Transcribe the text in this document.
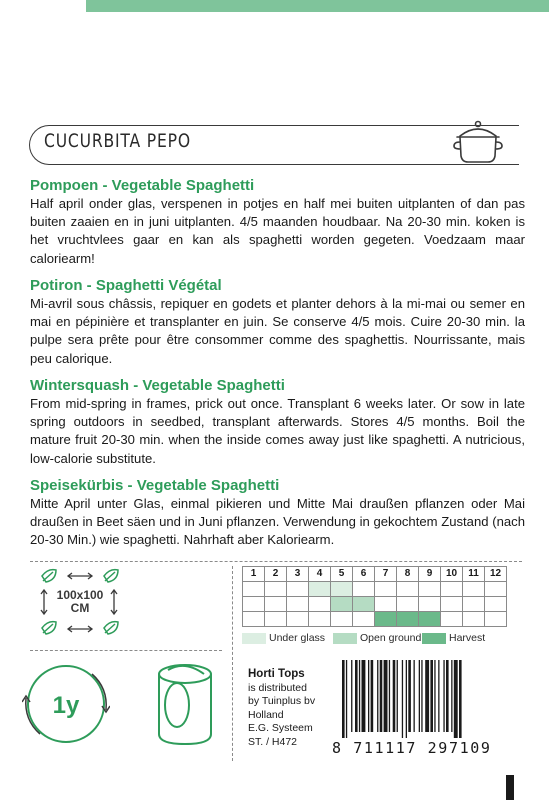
CUCURBITA PEPO
Pompoen - Vegetable Spaghetti

Half april onder glas, verspenen in potjes en half mei buiten uitplanten of dan pas buiten zaaien en in juni uitplanten. 4/5 maanden houdbaar. Na 20-30 min. koken is het vruchtvlees gaar en kan als spaghetti worden gegeten. Voedzaam maar caloriearm!

Potiron - Spaghetti Végétal

Mi-avril sous châssis, repiquer en godets et planter dehors à la mi-mai ou semer en mai en pépinière et transplanter en juin. Se conserve 4/5 mois. Cuire 20-30 min. la pulpe sera prête pour être consommer comme des spaghettis. Nourrissante, mais peu calorique.

Wintersquash - Vegetable Spaghetti

From mid-spring in frames, prick out once. Transplant 6 weeks later. Or sow in late spring outdoors in seedbed, transplant afterwards. Stores 4/5 months. Boil the mature fruit 20-30 min. when the inside comes away just like spaghetti. A nutricious, low-calorie substitute.

Speisekürbis - Vegetable Spaghetti

Mitte April unter Glas, einmal pikieren und Mitte Mai draußen pflanzen oder Mai draußen in Beet säen und in Juni pflanzen. Verwendung in gekochtem Zustand (nach 20-30 Min.) wie spaghetti. Nahrhaft aber Kaloriearm.

100x100
CM
1	2	3	4	5	6	7	8	9	10	11	12

Under glass	Open ground	Harvest
1y
Horti Tops
is distributed
by Tuinplus bv
Holland
E.G. Systeem
ST. / H472	8 711117 297109
